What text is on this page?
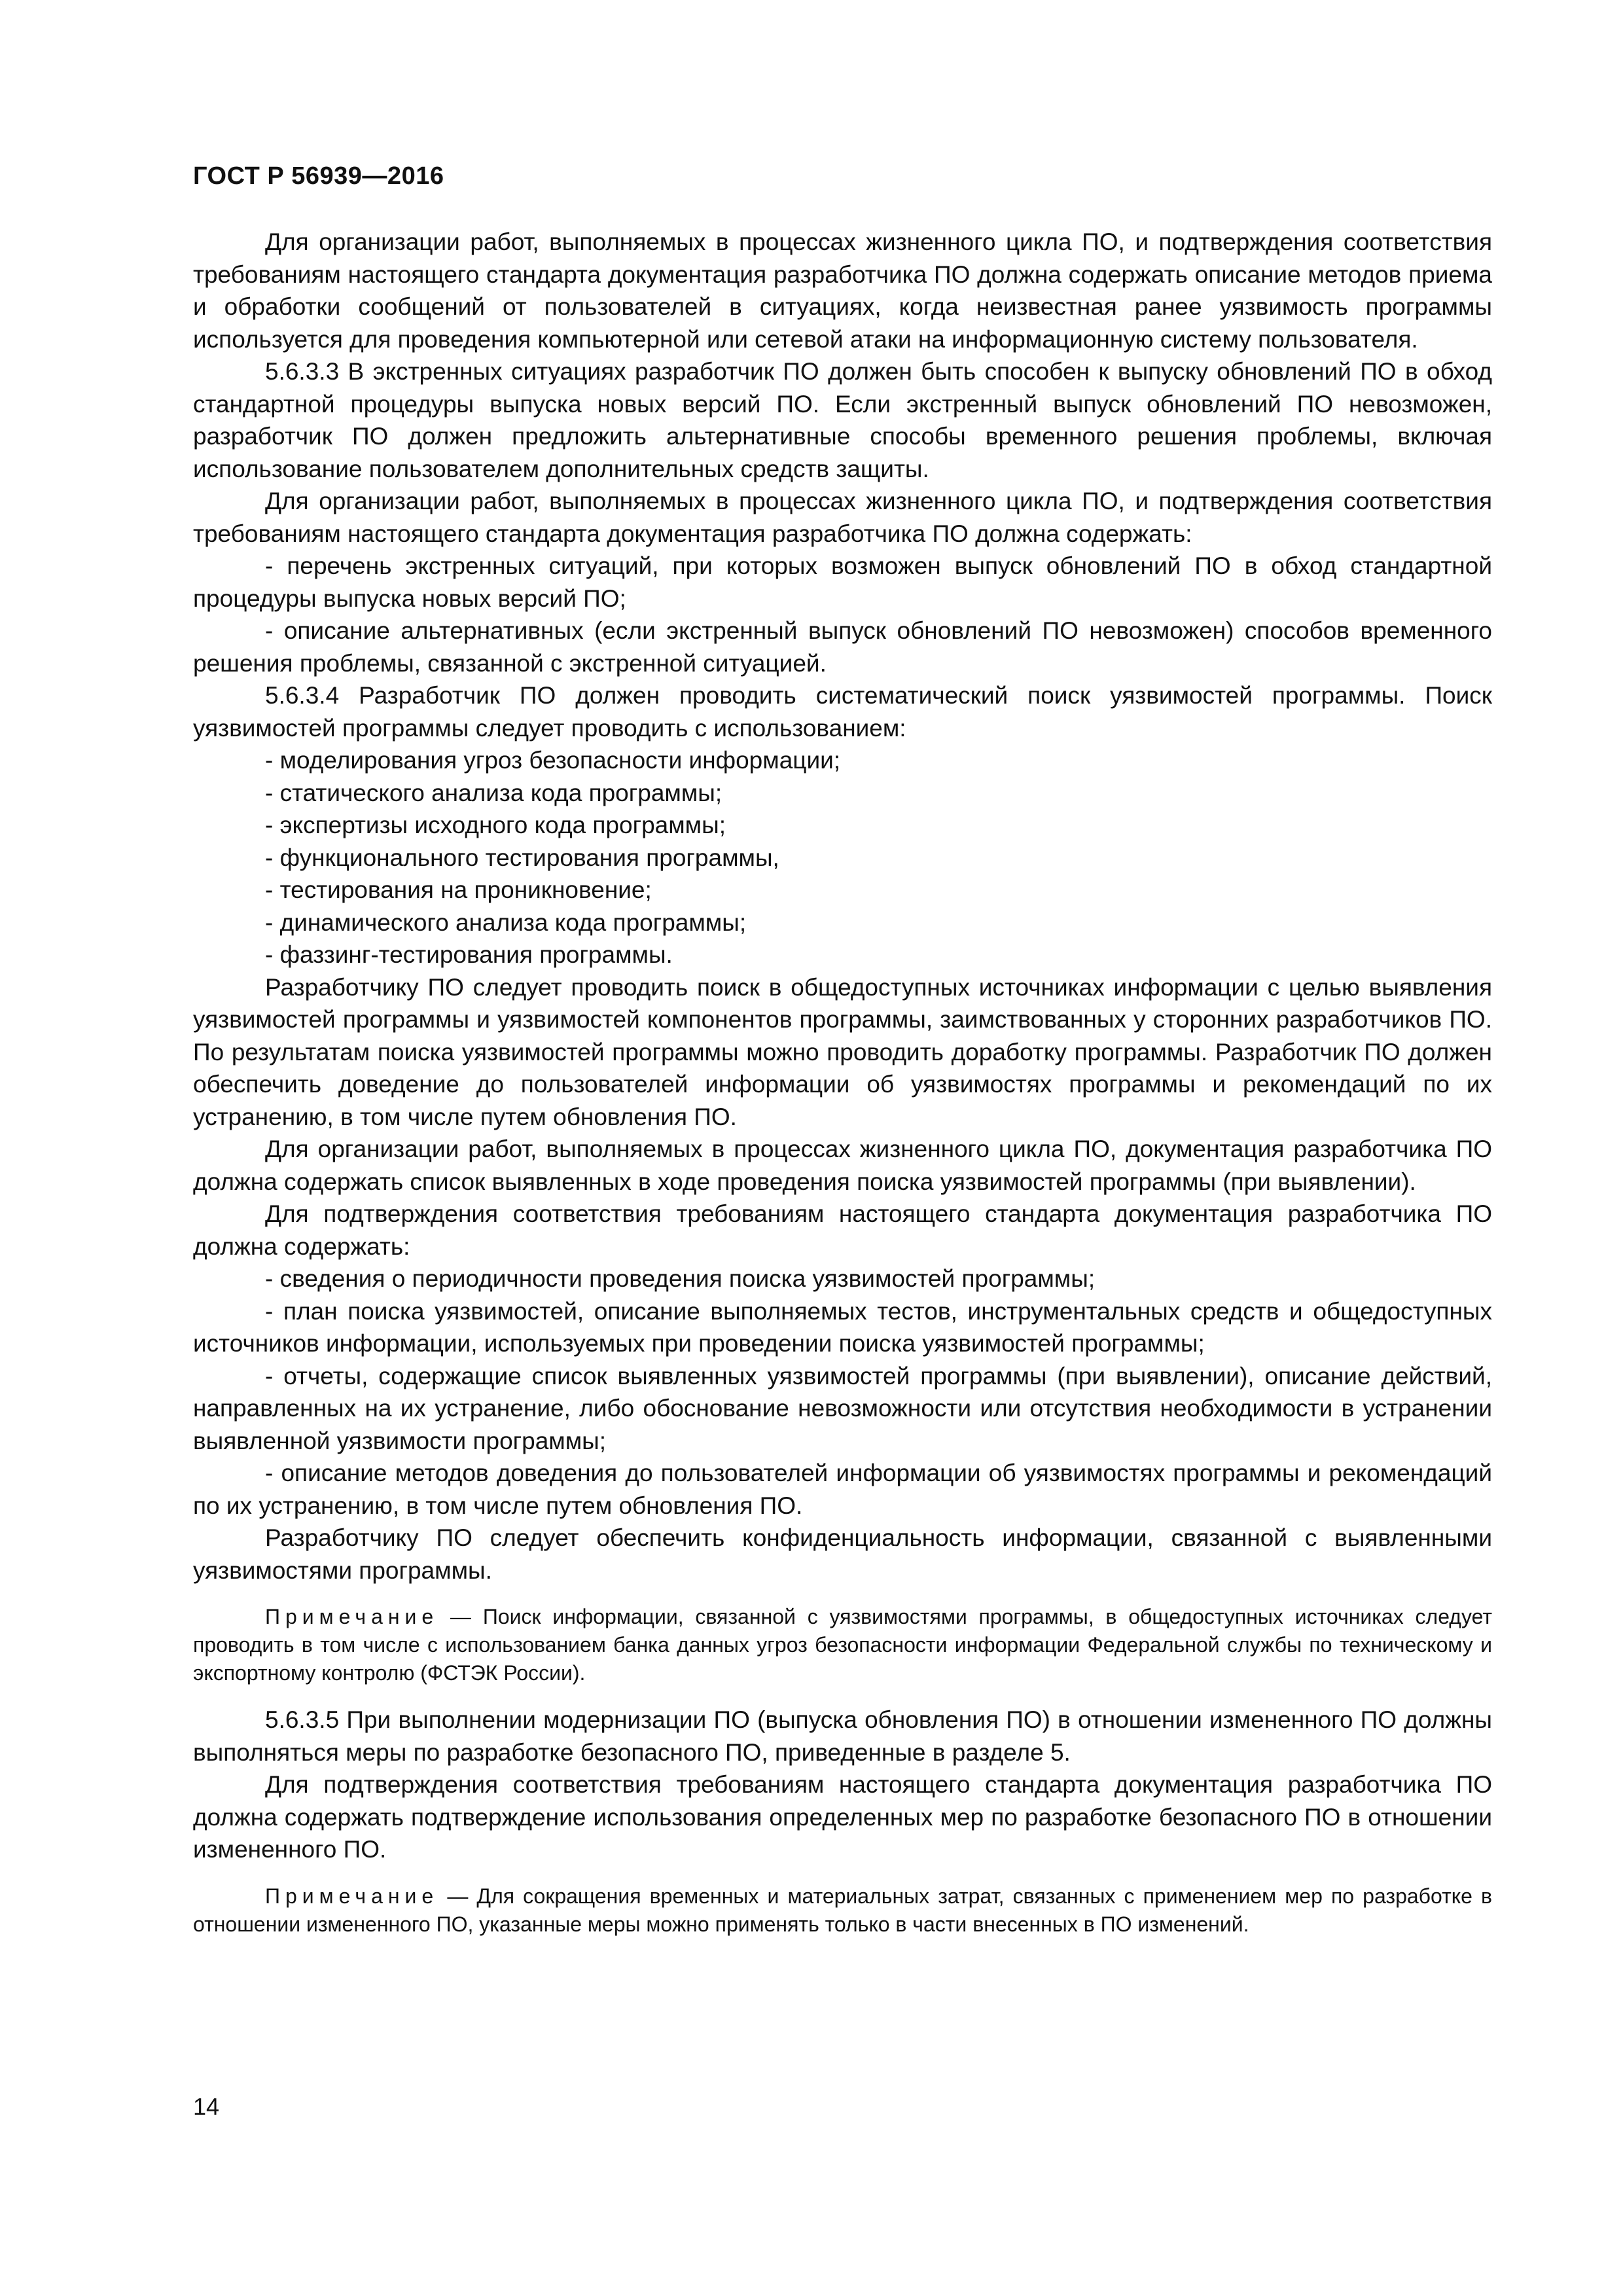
ГОСТ Р 56939—2016

Для организации работ, выполняемых в процессах жизненного цикла ПО, и подтверждения соответствия требованиям настоящего стандарта документация разработчика ПО должна содержать описание методов приема и обработки сообщений от пользователей в ситуациях, когда неизвестная ранее уязвимость программы используется для проведения компьютерной или сетевой атаки на информационную систему пользователя.

5.6.3.3 В экстренных ситуациях разработчик ПО должен быть способен к выпуску обновлений ПО в обход стандартной процедуры выпуска новых версий ПО. Если экстренный выпуск обновлений ПО невозможен, разработчик ПО должен предложить альтернативные способы временного решения проблемы, включая использование пользователем дополнительных средств защиты.

Для организации работ, выполняемых в процессах жизненного цикла ПО, и подтверждения соответствия требованиям настоящего стандарта документация разработчика ПО должна содержать:

- перечень экстренных ситуаций, при которых возможен выпуск обновлений ПО в обход стандартной процедуры выпуска новых версий ПО;

- описание альтернативных (если экстренный выпуск обновлений ПО невозможен) способов временного решения проблемы, связанной с экстренной ситуацией.

5.6.3.4 Разработчик ПО должен проводить систематический поиск уязвимостей программы. Поиск уязвимостей программы следует проводить с использованием:

- моделирования угроз безопасности информации;

- статического анализа кода программы;

- экспертизы исходного кода программы;

- функционального тестирования программы,

- тестирования на проникновение;

- динамического анализа кода программы;

- фаззинг-тестирования программы.

Разработчику ПО следует проводить поиск в общедоступных источниках информации с целью выявления уязвимостей программы и уязвимостей компонентов программы, заимствованных у сторонних разработчиков ПО. По результатам поиска уязвимостей программы можно проводить доработку программы. Разработчик ПО должен обеспечить доведение до пользователей информации об уязвимостях программы и рекомендаций по их устранению, в том числе путем обновления ПО.

Для организации работ, выполняемых в процессах жизненного цикла ПО, документация разработчика ПО должна содержать список выявленных в ходе проведения поиска уязвимостей программы (при выявлении).

Для подтверждения соответствия требованиям настоящего стандарта документация разработчика ПО должна содержать:

- сведения о периодичности проведения поиска уязвимостей программы;

- план поиска уязвимостей, описание выполняемых тестов, инструментальных средств и общедоступных источников информации, используемых при проведении поиска уязвимостей программы;

- отчеты, содержащие список выявленных уязвимостей программы (при выявлении), описание действий, направленных на их устранение, либо обоснование невозможности или отсутствия необходимости в устранении выявленной уязвимости программы;

- описание методов доведения до пользователей информации об уязвимостях программы и рекомендаций по их устранению, в том числе путем обновления ПО.

Разработчику ПО следует обеспечить конфиденциальность информации, связанной с выявленными уязвимостями программы.

Примечание — Поиск информации, связанной с уязвимостями программы, в общедоступных источниках следует проводить в том числе с использованием банка данных угроз безопасности информации Федеральной службы по техническому и экспортному контролю (ФСТЭК России).

5.6.3.5 При выполнении модернизации ПО (выпуска обновления ПО) в отношении измененного ПО должны выполняться меры по разработке безопасного ПО, приведенные в разделе 5.

Для подтверждения соответствия требованиям настоящего стандарта документация разработчика ПО должна содержать подтверждение использования определенных мер по разработке безопасного ПО в отношении измененного ПО.

Примечание — Для сокращения временных и материальных затрат, связанных с применением мер по разработке в отношении измененного ПО, указанные меры можно применять только в части внесенных в ПО изменений.

14
